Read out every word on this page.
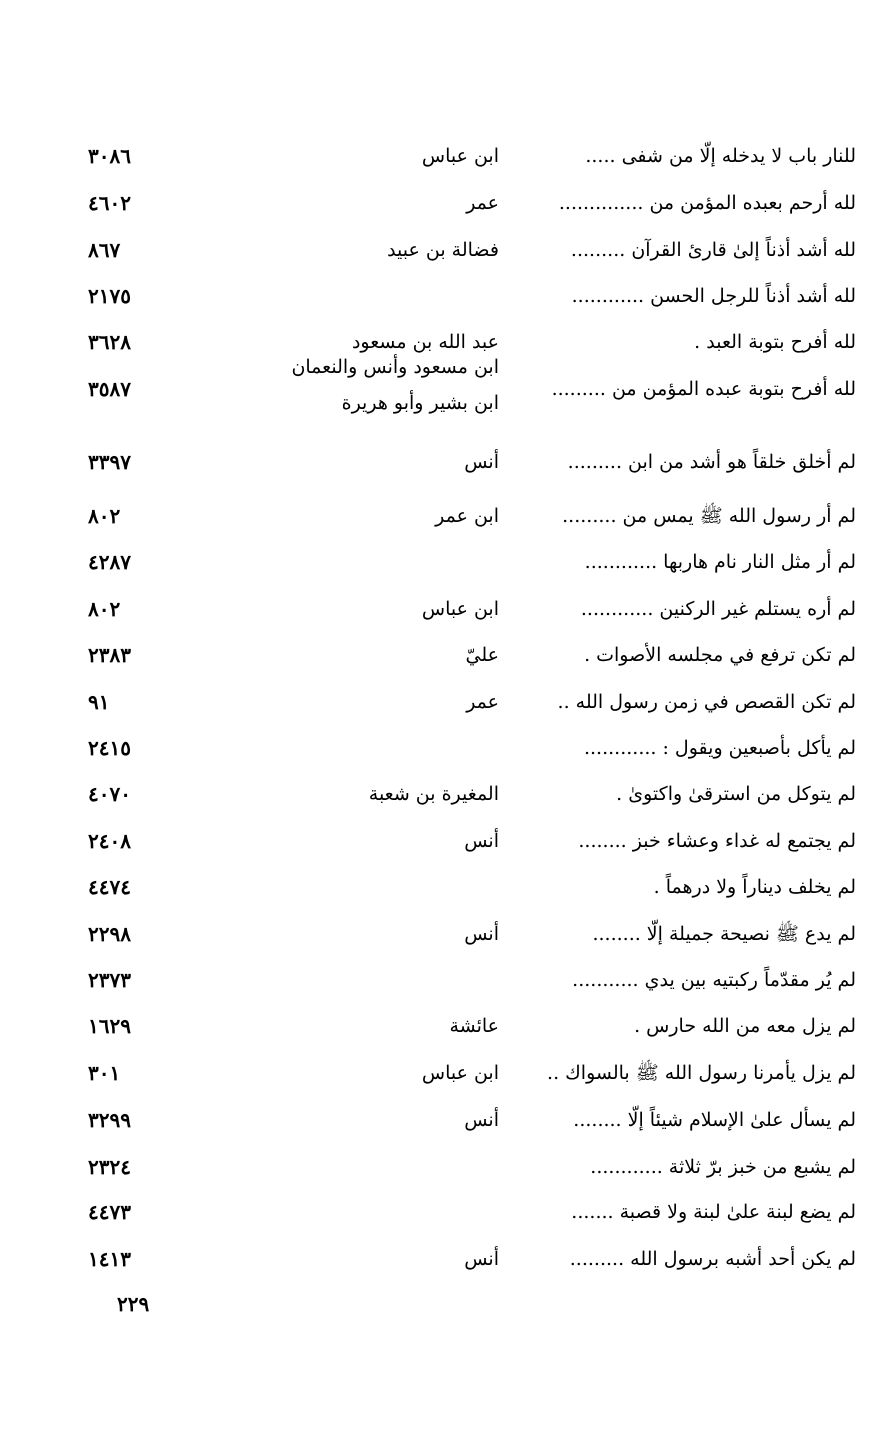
للنار باب لا يدخله إلّا من شفى .....
ابن عباس
٣٠٨٦
لله أرحم بعبده المؤمن من ..............
عمر
٤٦٠٢
لله أشد أذناً إلىٰ قارئ القرآن .........
فضالة بن عبيد
٨٦٧
لله أشد أذناً للرجل الحسن ............
٢١٧٥
لله أفرح بتوبة العبد .
عبد الله بن مسعود
٣٦٢٨
لله أفرح بتوبة عبده المؤمن من .........
ابن مسعود وأنس والنعمان
ابن بشير وأبو هريرة
٣٥٨٧
لم أخلق خلقاً هو أشد من ابن .........
أنس
٣٣٩٧
لم أر رسول الله ﷺ يمس من .........
ابن عمر
٨٠٢
لم أر مثل النار نام هاربها ............
٤٢٨٧
لم أره يستلم غير الركنين ............
ابن عباس
٨٠٢
لم تكن ترفع في مجلسه الأصوات .
عليّ
٢٣٨٣
لم تكن القصص في زمن رسول الله ..
عمر
٩١
لم يأكل بأصبعين ويقول : ............
٢٤١٥
لم يتوكل من استرقىٰ واكتوىٰ .
المغيرة بن شعبة
٤٠٧٠
لم يجتمع له غداء وعشاء خبز ........
أنس
٢٤٠٨
لم يخلف ديناراً ولا درهماً .
٤٤٧٤
لم يدع ﷺ نصيحة جميلة إلّا ........
أنس
٢٢٩٨
لم يُر مقدّماً ركبتيه بين يدي ...........
٢٣٧٣
لم يزل معه من الله حارس .
عائشة
١٦٢٩
لم يزل يأمرنا رسول الله ﷺ بالسواك ..
ابن عباس
٣٠١
لم يسأل علىٰ الإسلام شيئاً إلّا ........
أنس
٣٢٩٩
لم يشبع من خبز برّ ثلاثة ............
٢٣٢٤
لم يضع لبنة علىٰ لبنة ولا قصبة .......
٤٤٧٣
لم يكن أحد أشبه برسول الله .........
أنس
١٤١٣
٢٢٩
